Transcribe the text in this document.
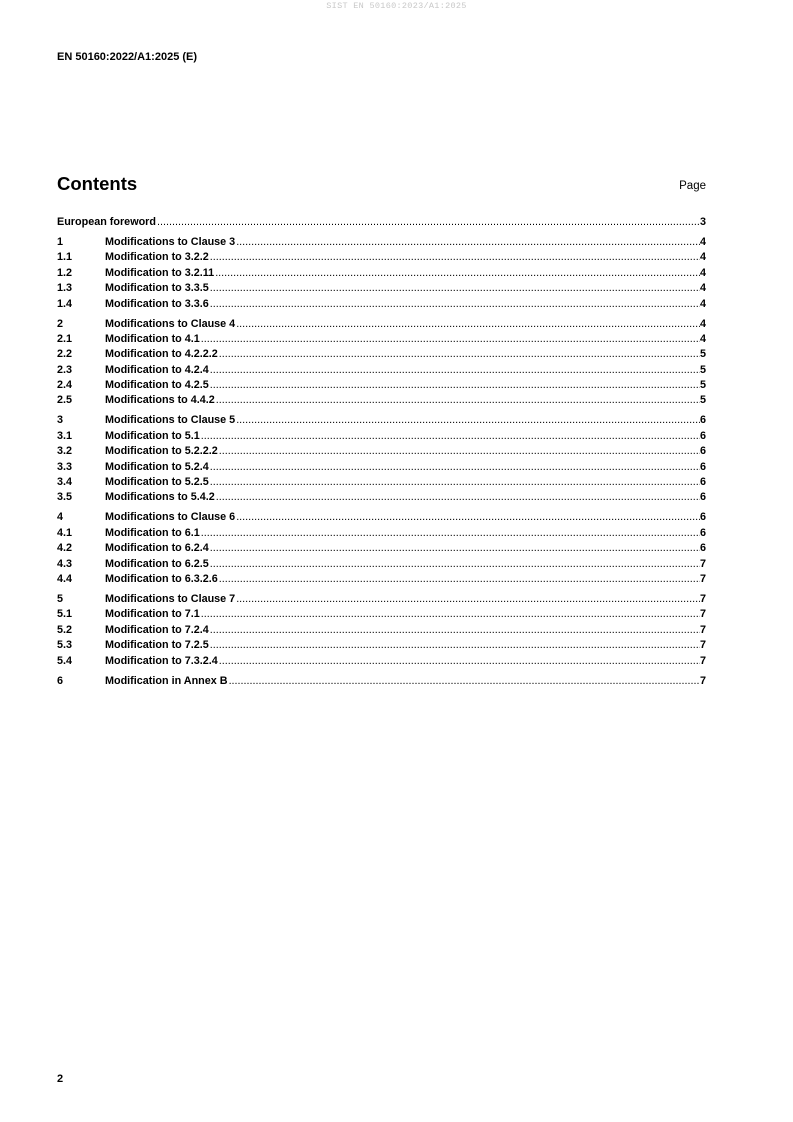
SIST EN 50160:2023/A1:2025
EN 50160:2022/A1:2025 (E)
Contents	Page
European foreword .....	3
1	Modifications to Clause 3 .....	4
1.1	Modification to 3.2.2 .....	4
1.2	Modification to 3.2.11 .....	4
1.3	Modification to 3.3.5 .....	4
1.4	Modification to 3.3.6 .....	4
2	Modifications to Clause 4 .....	4
2.1	Modification to 4.1 .....	4
2.2	Modification to 4.2.2.2 .....	5
2.3	Modification to 4.2.4 .....	5
2.4	Modification to 4.2.5 .....	5
2.5	Modifications to 4.4.2 .....	5
3	Modifications to Clause 5 .....	6
3.1	Modification to 5.1 .....	6
3.2	Modification to 5.2.2.2 .....	6
3.3	Modification to 5.2.4 .....	6
3.4	Modification to 5.2.5 .....	6
3.5	Modifications to 5.4.2 .....	6
4	Modifications to Clause 6 .....	6
4.1	Modification to 6.1 .....	6
4.2	Modification to 6.2.4 .....	6
4.3	Modification to 6.2.5 .....	7
4.4	Modification to 6.3.2.6 .....	7
5	Modifications to Clause 7 .....	7
5.1	Modification to 7.1 .....	7
5.2	Modification to 7.2.4 .....	7
5.3	Modification to 7.2.5 .....	7
5.4	Modification to 7.3.2.4 .....	7
6	Modification in Annex B .....	7
2
